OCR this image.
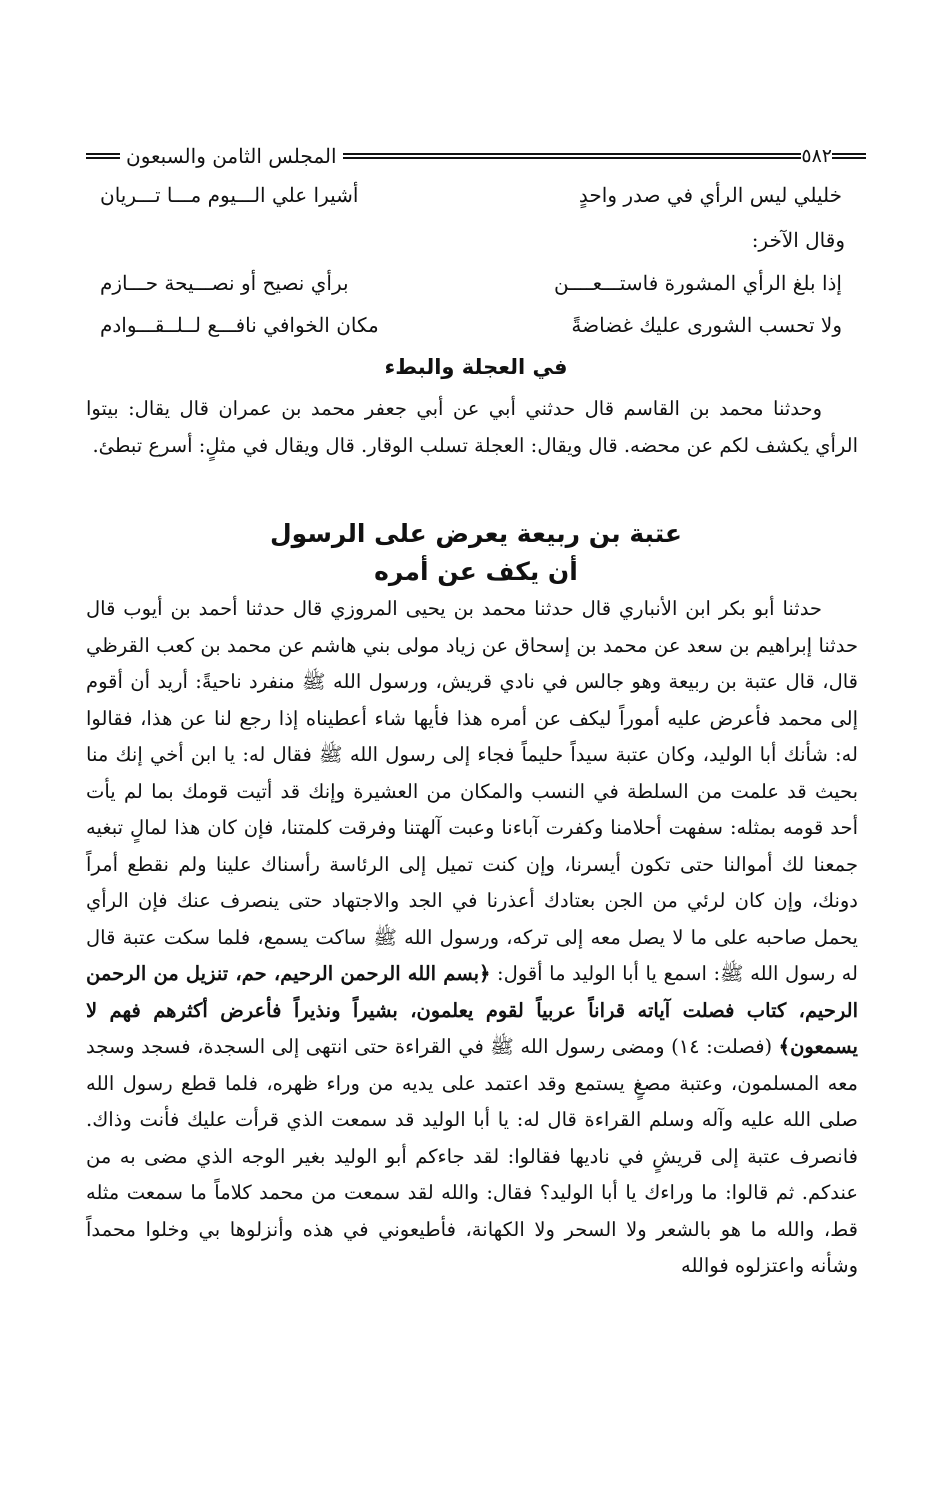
٥٨٢
المجلس الثامن والسبعون
خليلي ليس الرأي في صدر واحدٍ
أشيرا علي الـــيوم مـــا تـــريان
وقال الآخر:
إذا بلغ الرأي المشورة فاستـــعــــن
برأي نصيح أو نصـــيحة حـــازم
ولا تحسب الشورى عليك غضاضةً
مكان الخوافي نافـــع لــلــقـــوادم
في العجلة والبطء
وحدثنا محمد بن القاسم قال حدثني أبي عن أبي جعفر محمد بن عمران قال يقال: بيتوا الرأي يكشف لكم عن محضه. قال ويقال: العجلة تسلب الوقار. قال ويقال في مثلٍ: أسرع تبطئ.
عتبة بن ربيعة يعرض على الرسول
أن يكف عن أمره
حدثنا أبو بكر ابن الأنباري قال حدثنا محمد بن يحيى المروزي قال حدثنا أحمد بن أيوب قال حدثنا إبراهيم بن سعد عن محمد بن إسحاق عن زياد مولى بني هاشم عن محمد بن كعب القرظي قال، قال عتبة بن ربيعة وهو جالس في نادي قريش، ورسول الله ﷺ منفرد ناحيةً: أريد أن أقوم إلى محمد فأعرض عليه أموراً ليكف عن أمره هذا فأيها شاء أعطيناه إذا رجع لنا عن هذا، فقالوا له: شأنك أبا الوليد، وكان عتبة سيداً حليماً فجاء إلى رسول الله ﷺ فقال له: يا ابن أخي إنك منا بحيث قد علمت من السلطة في النسب والمكان من العشيرة وإنك قد أتيت قومك بما لم يأت أحد قومه بمثله: سفهت أحلامنا وكفرت آباءنا وعبت آلهتنا وفرقت كلمتنا، فإن كان هذا لمالٍ تبغيه جمعنا لك أموالنا حتى تكون أيسرنا، وإن كنت تميل إلى الرئاسة رأسناك علينا ولم نقطع أمراً دونك، وإن كان لرئي من الجن بعتادك أعذرنا في الجد والاجتهاد حتى ينصرف عنك فإن الرأي يحمل صاحبه على ما لا يصل معه إلى تركه، ورسول الله ﷺ ساكت يسمع، فلما سكت عتبة قال له رسول الله ﷺ: اسمع يا أبا الوليد ما أقول: ﴿بسم الله الرحمن الرحيم، حم، تنزيل من الرحمن الرحيم، كتاب فصلت آياته قراناً عربياً لقوم يعلمون، بشيراً ونذيراً فأعرض أكثرهم فهم لا يسمعون﴾ (فصلت: ١٤) ومضى رسول الله ﷺ في القراءة حتى انتهى إلى السجدة، فسجد وسجد معه المسلمون، وعتبة مصغٍ يستمع وقد اعتمد على يديه من وراء ظهره، فلما قطع رسول الله صلى الله عليه وآله وسلم القراءة قال له: يا أبا الوليد قد سمعت الذي قرأت عليك فأنت وذاك. فانصرف عتبة إلى قريشٍ في ناديها فقالوا: لقد جاءكم أبو الوليد بغير الوجه الذي مضى به من عندكم. ثم قالوا: ما وراءك يا أبا الوليد؟ فقال: والله لقد سمعت من محمد كلاماً ما سمعت مثله قط، والله ما هو بالشعر ولا السحر ولا الكهانة، فأطيعوني في هذه وأنزلوها بي وخلوا محمداً وشأنه واعتزلوه فوالله
